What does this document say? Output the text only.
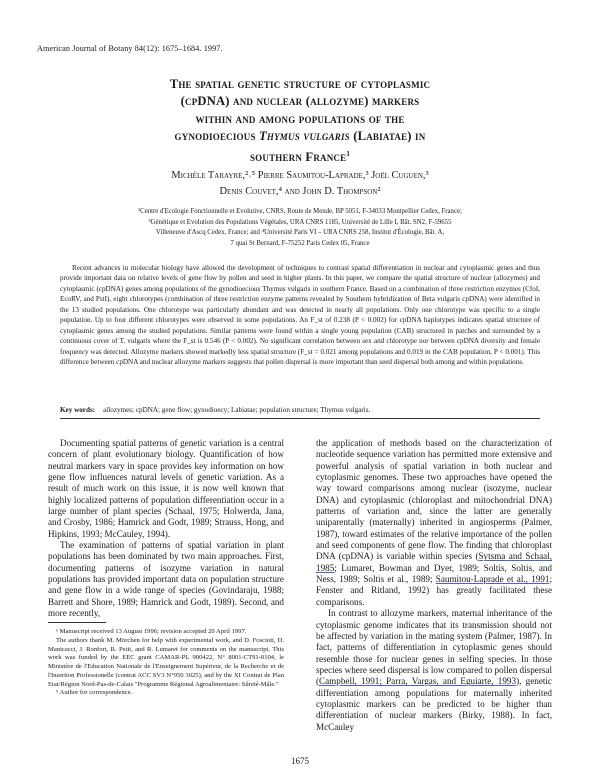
American Journal of Botany 84(12): 1675–1684. 1997.
The spatial genetic structure of cytoplasmic
(cpDNA) and nuclear (allozyme) markers
within and among populations of the
gynodioecious Thymus vulgaris (Labiatae) in
southern France$^1$
Michèle Tarayre,²˒⁵ Pierre Saumitou-Laprade,³ Joël Cuguen,³
Denis Couvet,⁴ and John D. Thompson²
²Centre d'Ecologie Fonctionnelle et Evolutive, CNRS, Route de Mende, BP 5051, F-34033 Montpellier Cedex, France;
³Génétique et Evolution des Populations Végétales, URA CNRS 1185, Université de Lille I, Bât. SN2, F-59655
Villeneuve d'Ascq Cedex, France; and ⁴Université Paris VI – URA CNRS 258, Institut d'Écologie, Bât. A,
7 quai St Bernard, F-75252 Paris Cedex 05, France
Recent advances in molecular biology have allowed the development of techniques to contrast spatial differentiation in nuclear and cytoplasmic genes and thus provide important data on relative levels of gene flow by pollen and seed in higher plants. In this paper, we compare the spatial structure of nuclear (allozymes) and cytoplasmic (cpDNA) genes among populations of the gynodioecious Thymus vulgaris in southern France. Based on a combination of three restriction enzymes (CfoI, EcoRV, and PstI), eight chlorotypes (combination of three restriction enzyme patterns revealed by Southern hybridization of Beta vulgaris cpDNA) were identified in the 13 studied populations. One chlorotype was particularly abundant and was detected in nearly all populations. Only one chlorotype was specific to a single population. Up to four different chlorotypes were observed in some populations. An F_st of 0.238 (P < 0.002) for cpDNA haplotypes indicates spatial structure of cytoplasmic genes among the studied populations. Similar patterns were found within a single young population (CAB) structured in patches and surrounded by a continuous cover of T. vulgaris where the F_st is 0.546 (P < 0.002). No significant correlation between sex and chlorotype nor between cpDNA diversity and female frequency was detected. Allozyme markers showed markedly less spatial structure (F_st = 0.021 among populations and 0.019 in the CAB population, P < 0.001). This difference between cpDNA and nuclear allozyme markers suggests that pollen dispersal is more important than seed dispersal both among and within populations.
Key words: allozymes; cpDNA; gene flow; gynodioecy; Labiatae; population structure; Thymus vulgaris.

Documenting spatial patterns of genetic variation is a central concern of plant evolutionary biology. Quantification of how neutral markers vary in space provides key information on how gene flow influences natural levels of genetic variation. As a result of much work on this issue, it is now well known that highly localized patterns of population differentiation occur in a large number of plant species (Schaal, 1975; Holwerda, Jana, and Crosby, 1986; Hamrick and Godt, 1989; Strauss, Hong, and Hipkins, 1993; McCauley, 1994).

The examination of patterns of spatial variation in plant populations has been dominated by two main approaches. First, documenting patterns of isozyme variation in natural populations has provided important data on population structure and gene flow in a wide range of species (Govindaraju, 1988; Barrett and Shore, 1989; Hamrick and Godt, 1989). Second, and more recently,

¹ Manuscript received 13 August 1996; revision accepted 20 April 1997.

The authors thank M. Mörchen for help with experimental work, and D. Foscioti, D. Manicacci, J. Ronfort, R. Petit, and R. Lumaret for comments on the manuscript. This work was funded by the EEC grant CAMAR-PL 900422, N° 8001-CT91-0104, le Ministère de l'Education Nationale de l'Enseignement Supérieur, de la Recherche et de l'Insertion Professionelle (contrat ACC SV3 N°950 3025), and by the XI Contrat de Plan Etat/Région Nord-Pas-de-Calais "Programme Régional Agroalimentaire: Sûreté-Mâle."

⁵ Author for correspondence.

the application of methods based on the characterization of nucleotide sequence variation has permitted more extensive and powerful analysis of spatial variation in both nuclear and cytoplasmic genomes. These two approaches have opened the way toward comparisons among nuclear (isozyme, nuclear DNA) and cytoplasmic (chloroplast and mitochondrial DNA) patterns of variation and, since the latter are generally uniparentally (maternally) inherited in angiosperms (Palmer, 1987), toward estimates of the relative importance of the pollen and seed components of gene flow. The finding that chloroplast DNA (cpDNA) is variable within species (Sytsma and Schaal, 1985; Lumaret, Bowman and Dyer, 1989; Soltis, Soltis, and Ness, 1989; Soltis et al., 1989; Saumitou-Laprade et al., 1991; Fenster and Ritland, 1992) has greatly facilitated these comparisons.

In contrast to allozyme markers, maternal inheritance of the cytoplasmic genome indicates that its transmission should not be affected by variation in the mating system (Palmer, 1987). In fact, patterns of differentiation in cytoplasmic genes should resemble those for nuclear genes in selfing species. In those species where seed dispersal is low compared to pollen dispersal (Campbell, 1991; Parra, Vargas, and Eguiarte, 1993), genetic differentiation among populations for maternally inherited cytoplasmic markers can be predicted to be higher than differentiation of nuclear markers (Birky, 1988). In fact, McCauley

1675
